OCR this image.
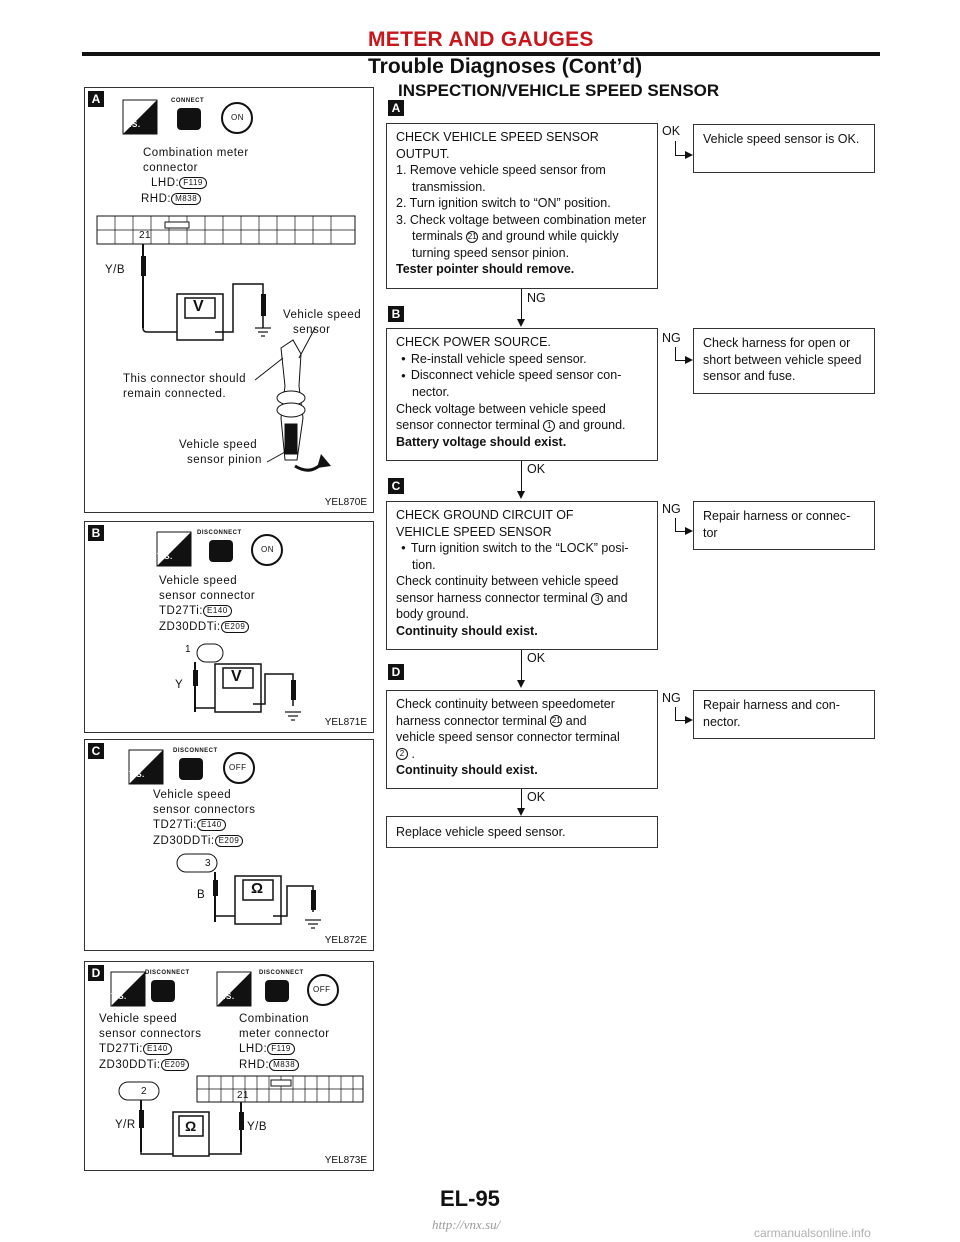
METER AND GAUGES
Trouble Diagnoses (Cont’d)
INSPECTION/VEHICLE SPEED SENSOR
A	CONNECT
H.S.
ON
Combination meter
connector
LHD: F119
RHD: M838
21
Y/B
V	Vehicle speed
sensor
This connector should
remain connected.
Vehicle speed
sensor pinion
YEL870E
B	DISCONNECT
T.S.
ON
Vehicle speed
sensor connector
TD27Ti: E140
ZD30DDTi: E209
1
Y	V
YEL871E
C	DISCONNECT
T.S.
OFF
Vehicle speed
sensor connectors
TD27Ti: E140
ZD30DDTi: E209
3
B	Ω
YEL872E
D	DISCONNECT	DISCONNECT
T.S.	H.S.
OFF
Vehicle speed
sensor connectors
Combination
meter connector
TD27Ti: E140
ZD30DDTi: E209
LHD: F119
RHD: M838
2	21
Y/R	Y/B
Ω
YEL873E
A
B
C
D
CHECK VEHICLE SPEED SENSOR
OUTPUT.
1. Remove vehicle speed sensor from transmission.
2. Turn ignition switch to “ON” position.
3. Check voltage between combination meter terminals 21 and ground while quickly turning speed sensor pinion.
Tester pointer should remove.
OK
Vehicle speed sensor is OK.
NG
CHECK POWER SOURCE.
● Re-install vehicle speed sensor.
● Disconnect vehicle speed sensor con- nector.
Check voltage between vehicle speed
sensor connector terminal 1 and ground.
Battery voltage should exist.
NG	Check harness for open or short between vehicle speed sensor and fuse.
OK
CHECK GROUND CIRCUIT OF
VEHICLE SPEED SENSOR
● Turn ignition switch to the “LOCK” posi- tion.
Check continuity between vehicle speed
sensor harness connector terminal 3 and
body ground.
Continuity should exist.
NG	Repair harness or connec- tor
OK
Check continuity between speedometer
harness connector terminal 21 and
vehicle speed sensor connector terminal
2 .
Continuity should exist.
NG	Repair harness and con- nector.
OK
Replace vehicle speed sensor.
EL-95
http://vnx.su/
carmanualsonline.info
